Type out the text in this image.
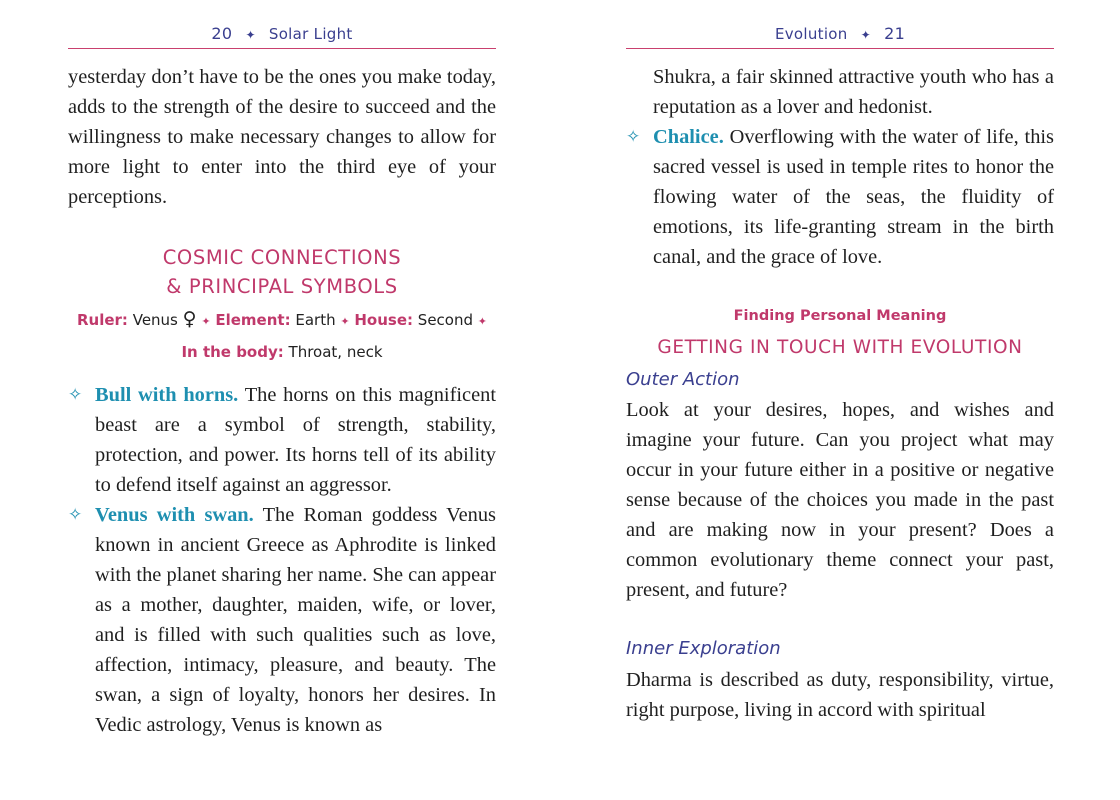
20 ✦ Solar Light
yesterday don’t have to be the ones you make today, adds to the strength of the desire to succeed and the willingness to make necessary changes to allow for more light to enter into the third eye of your perceptions.
COSMIC CONNECTIONS
& PRINCIPAL SYMBOLS
Ruler: Venus ♀ ✦ Element: Earth ✦ House: Second ✦
In the body: Throat, neck
✧ Bull with horns. The horns on this magnificent beast are a symbol of strength, stability, protection, and power. Its horns tell of its ability to defend itself against an aggressor.
✧ Venus with swan. The Roman goddess Venus known in ancient Greece as Aphrodite is linked with the planet sharing her name. She can appear as a mother, daughter, maiden, wife, or lover, and is filled with such qualities such as love, affection, intimacy, pleasure, and beauty. The swan, a sign of loyalty, honors her desires. In Vedic astrology, Venus is known as
Evolution ✦ 21
Shukra, a fair skinned attractive youth who has a reputation as a lover and hedonist.
✧ Chalice. Overflowing with the water of life, this sacred vessel is used in temple rites to honor the flowing water of the seas, the fluidity of emotions, its life-granting stream in the birth canal, and the grace of love.
Finding Personal Meaning
GETTING IN TOUCH WITH EVOLUTION
Outer Action
Look at your desires, hopes, and wishes and imagine your future. Can you project what may occur in your future either in a positive or negative sense because of the choices you made in the past and are making now in your present? Does a common evolutionary theme connect your past, present, and future?
Inner Exploration
Dharma is described as duty, responsibility, virtue, right purpose, living in accord with spiritual
